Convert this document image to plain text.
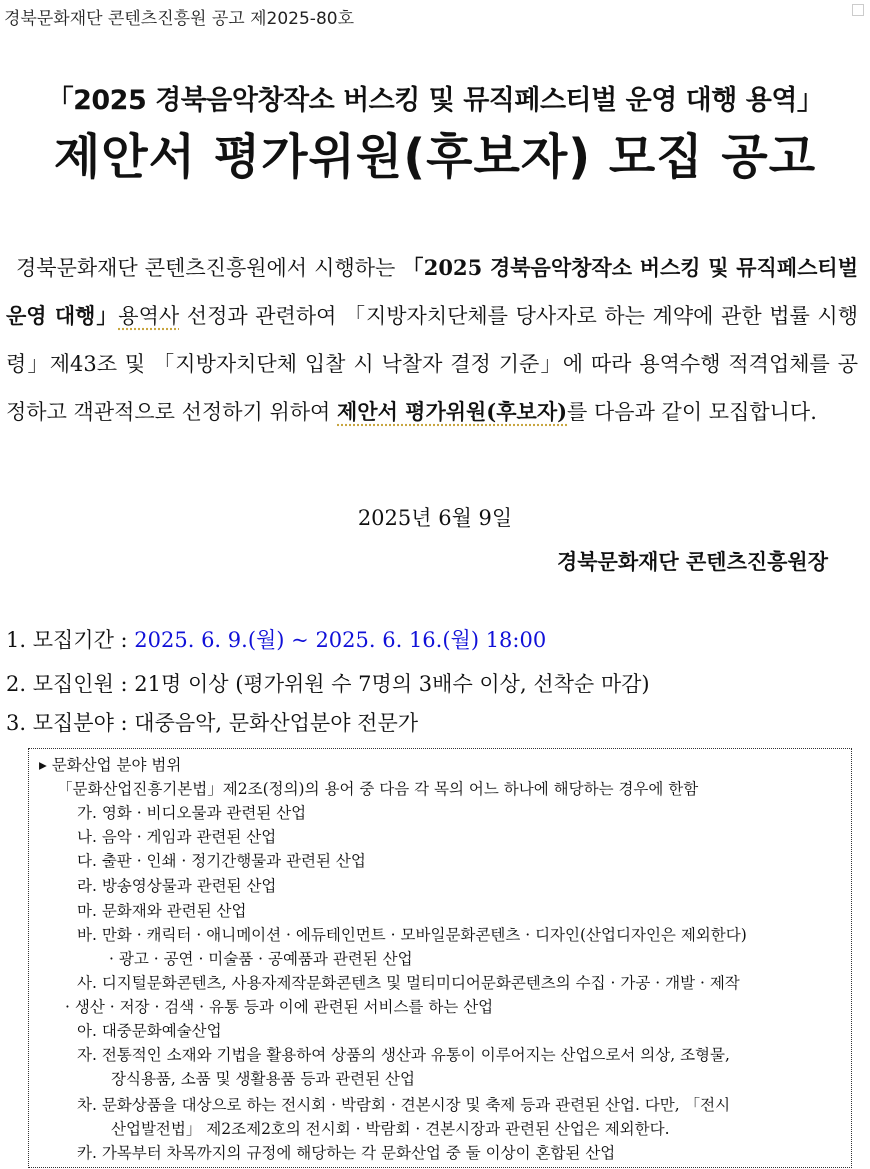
경북문화재단 콘텐츠진흥원 공고 제2025-80호
「2025 경북음악창작소 버스킹 및 뮤직페스티벌 운영 대행 용역」
제안서 평가위원(후보자) 모집 공고
경북문화재단 콘텐츠진흥원에서 시행하는 「2025 경북음악창작소 버스킹 및 뮤직페스티벌 운영 대행」용역사 선정과 관련하여 「지방자치단체를 당사자로 하는 계약에 관한 법률 시행령」제43조 및 「지방자치단체 입찰 시 낙찰자 결정 기준」에 따라 용역수행 적격업체를 공정하고 객관적으로 선정하기 위하여 제안서 평가위원(후보자)를 다음과 같이 모집합니다.
2025년 6월 9일
경북문화재단 콘텐츠진흥원장
1. 모집기간 : 2025. 6. 9.(월) ~ 2025. 6. 16.(월) 18:00
2. 모집인원 : 21명 이상 (평가위원 수 7명의 3배수 이상, 선착순 마감)
3. 모집분야 : 대중음악, 문화산업분야 전문가
▸ 문화산업 분야 범위
「문화산업진흥기본법」제2조(정의)의 용어 중 다음 각 목의 어느 하나에 해당하는 경우에 한함
가. 영화 · 비디오물과 관련된 산업
나. 음악 · 게임과 관련된 산업
다. 출판 · 인쇄 · 정기간행물과 관련된 산업
라. 방송영상물과 관련된 산업
마. 문화재와 관련된 산업
바. 만화 · 캐릭터 · 애니메이션 · 에듀테인먼트 · 모바일문화콘텐츠 · 디자인(산업디자인은 제외한다)
· 광고 · 공연 · 미술품 · 공예품과 관련된 산업
사. 디지털문화콘텐츠, 사용자제작문화콘텐츠 및 멀티미디어문화콘텐츠의 수집 · 가공 · 개발 · 제작
· 생산 · 저장 · 검색 · 유통 등과 이에 관련된 서비스를 하는 산업
아. 대중문화예술산업
자. 전통적인 소재와 기법을 활용하여 상품의 생산과 유통이 이루어지는 산업으로서 의상, 조형물,
장식용품, 소품 및 생활용품 등과 관련된 산업
차. 문화상품을 대상으로 하는 전시회 · 박람회 · 견본시장 및 축제 등과 관련된 산업. 다만, 「전시
산업발전법」 제2조제2호의 전시회 · 박람회 · 견본시장과 관련된 산업은 제외한다.
카. 가목부터 차목까지의 규정에 해당하는 각 문화산업 중 둘 이상이 혼합된 산업
